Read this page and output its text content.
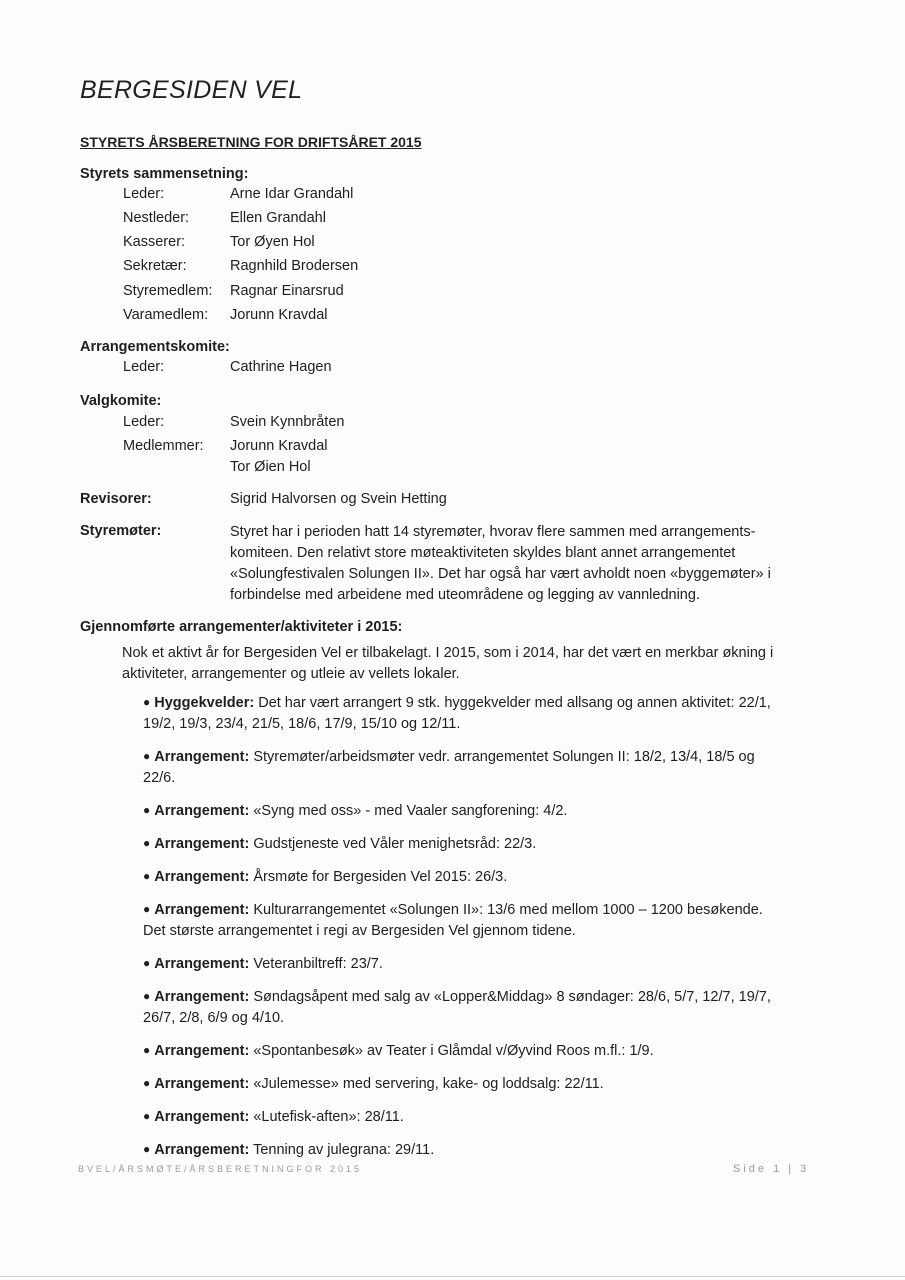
BERGESIDEN VEL
STYRETS ÅRSBERETNING FOR DRIFTSÅRET 2015
Styrets sammensetning:
Leder:	Arne Idar Grandahl
Nestleder:	Ellen Grandahl
Kasserer:	Tor Øyen Hol
Sekretær:	Ragnhild Brodersen
Styremedlem: Ragnar Einarsrud
Varamedlem: Jorunn Kravdal
Arrangementskomite:
Leder:	Cathrine Hagen
Valgkomite:
Leder:	Svein Kynnbråten
Medlemmer: Jorunn Kravdal
Tor Øien Hol
Revisorer:	Sigrid Halvorsen og Svein Hetting
Styremøter:	Styret har i perioden hatt 14 styremøter, hvorav flere sammen med arrangements-
komiteen. Den relativt store møteaktiviteten skyldes blant annet arrangementet
«Solungfestivalen Solungen II». Det har også har vært avholdt noen «byggemøter» i
forbindelse med arbeidene med uteområdene og legging av vannledning.
Gjennomførte arrangementer/aktiviteter i 2015:
Nok et aktivt år for Bergesiden Vel er tilbakelagt. I 2015, som i 2014, har det vært en merkbar økning i
aktiviteter, arrangementer og utleie av vellets lokaler.
● Hyggekvelder: Det har vært arrangert 9 stk. hyggekvelder med allsang og annen aktivitet: 22/1,
19/2, 19/3, 23/4, 21/5, 18/6, 17/9, 15/10 og 12/11.
● Arrangement: Styremøter/arbeidsmøter vedr. arrangementet Solungen II: 18/2, 13/4, 18/5 og
22/6.
● Arrangement: «Syng med oss» - med Vaaler sangforening: 4/2.
● Arrangement: Gudstjeneste ved Våler menighetsråd: 22/3.
● Arrangement: Årsmøte for Bergesiden Vel 2015: 26/3.
● Arrangement: Kulturarrangementet «Solungen II»: 13/6 med mellom 1000 – 1200 besøkende.
Det største arrangementet i regi av Bergesiden Vel gjennom tidene.
● Arrangement: Veteranbiltreff: 23/7.
● Arrangement: Søndagsåpent med salg av «Lopper&Middag» 8 søndager: 28/6, 5/7, 12/7, 19/7,
26/7, 2/8, 6/9 og 4/10.
● Arrangement: «Spontanbesøk» av Teater i Glåmdal v/Øyvind Roos m.fl.: 1/9.
● Arrangement: «Julemesse» med servering, kake- og loddsalg: 22/11.
● Arrangement: «Lutefisk-aften»: 28/11.
● Arrangement: Tenning av julegrana: 29/11.
BVEL/ÅRSMØTE/ÅRSBERETNINGFOR 2015	Side 1 | 3
